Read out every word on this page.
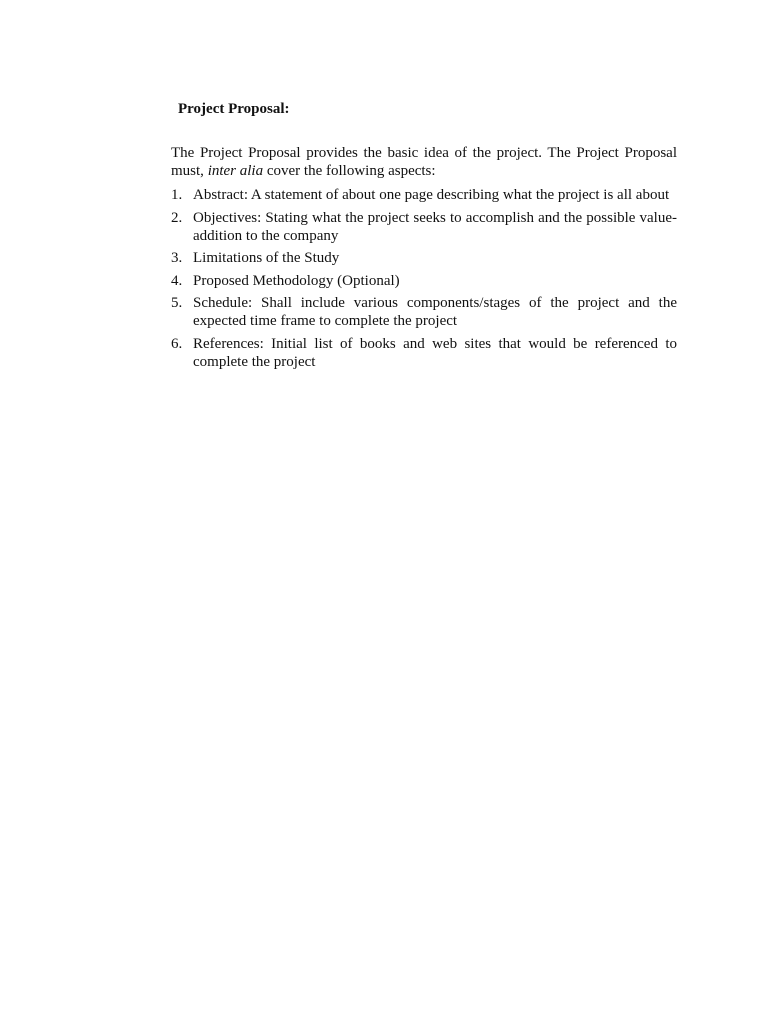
Project Proposal:

The Project Proposal provides the basic idea of the project. The Project Proposal must, inter alia cover the following aspects:

1. Abstract: A statement of about one page describing what the project is all about
2. Objectives: Stating what the project seeks to accomplish and the possible value-addition to the company
3. Limitations of the Study
4. Proposed Methodology (Optional)
5. Schedule: Shall include various components/stages of the project and the expected time frame to complete the project
6. References: Initial list of books and web sites that would be referenced to complete the project
